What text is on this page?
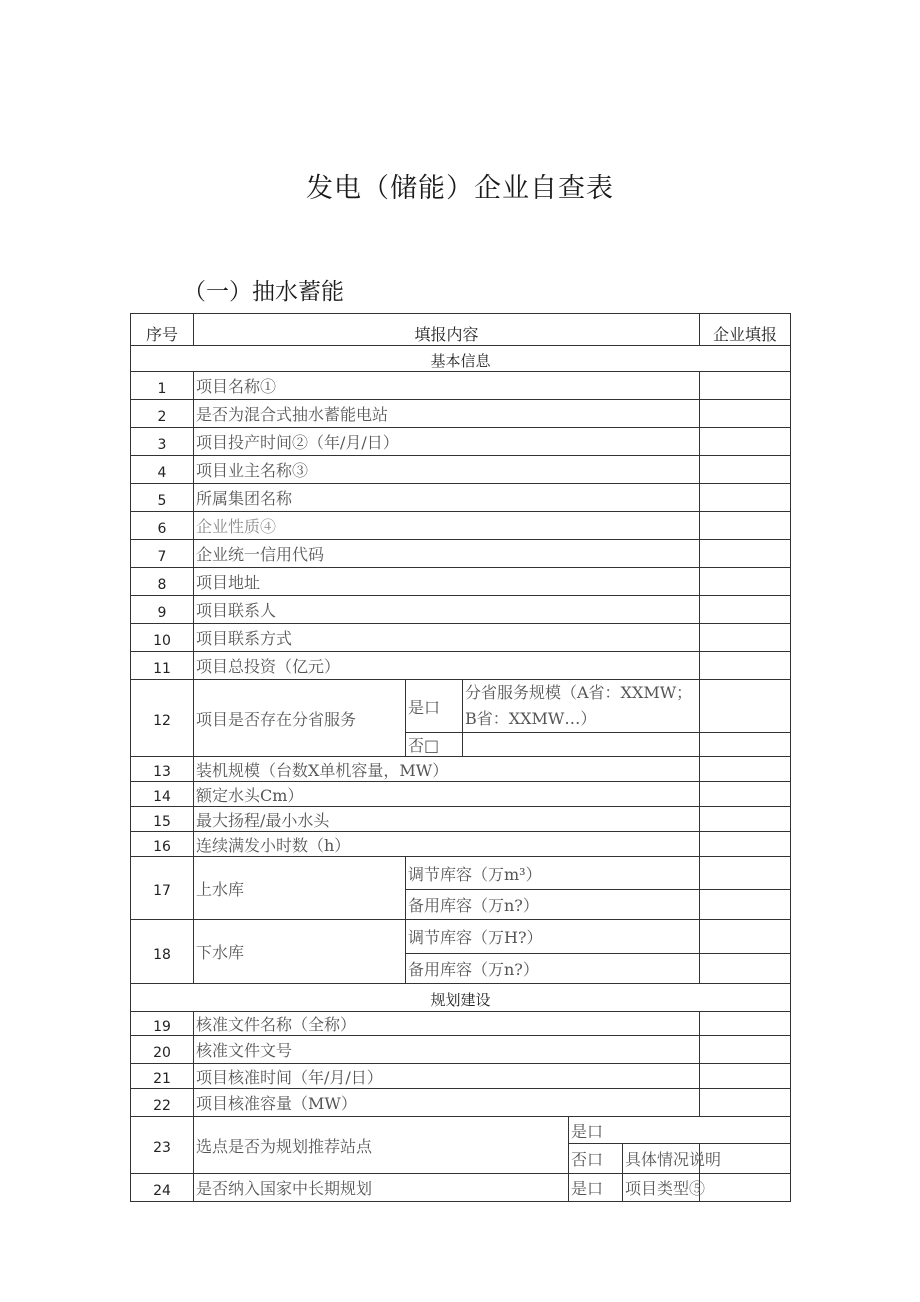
发电（储能）企业自查表
（一）抽水蓄能
序号	填报内容					企业填报
基本信息						
1	项目名称①					
2	是否为混合式抽水蓄能电站					
3	项目投产时间②（年/月/日）					
4	项目业主名称③					
5	所属集团名称					
6	企业性质④					
7	企业统一信用代码					
8	项目地址					
9	项目联系人					
10	项目联系方式					
11	项目总投资（亿元）					
12	项目是否存在分省服务	是口	分省服务规模（A省：XXMW；B省：XXMW…）			
		否□				
13	装机规模（台数X单机容量，MW）					
14	额定水头Cm）					
15	最大扬程/最小水头					
16	连续满发小时数（h）					
17	上水库	调节库容（万m³）				
		备用库容（万n?）				
18	下水库	调节库容（万H?）				
		备用库容（万n?）				
规划建设						
19	核准文件名称（全称）					
20	核准文件文号					
21	项目核准时间（年/月/日）					
22	项目核准容量（MW）					
23	选点是否为规划推荐站点			是口		
				否口	具体情况说明	
24	是否纳入国家中长期规划			是口	项目类型⑤	
